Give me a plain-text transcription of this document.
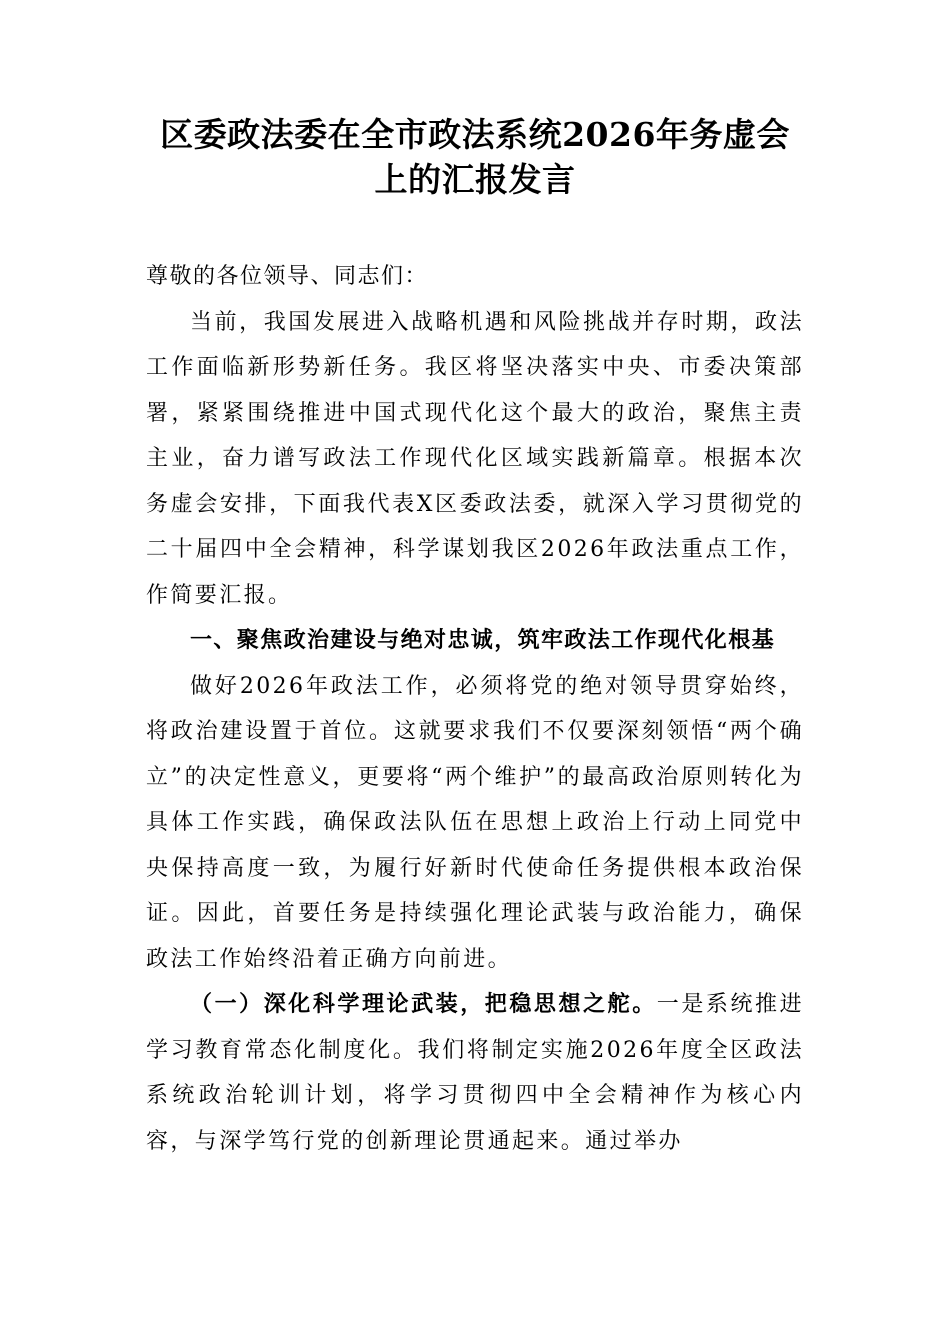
区委政法委在全市政法系统2026年务虚会
上的汇报发言

尊敬的各位领导、同志们：

当前，我国发展进入战略机遇和风险挑战并存时期，政法工作面临新形势新任务。我区将坚决落实中央、市委决策部署，紧紧围绕推进中国式现代化这个最大的政治，聚焦主责主业，奋力谱写政法工作现代化区域实践新篇章。根据本次务虚会安排，下面我代表X区委政法委，就深入学习贯彻党的二十届四中全会精神，科学谋划我区2026年政法重点工作，作简要汇报。

一、聚焦政治建设与绝对忠诚，筑牢政法工作现代化根基

做好2026年政法工作，必须将党的绝对领导贯穿始终，将政治建设置于首位。这就要求我们不仅要深刻领悟“两个确立”的决定性意义，更要将“两个维护”的最高政治原则转化为具体工作实践，确保政法队伍在思想上政治上行动上同党中央保持高度一致，为履行好新时代使命任务提供根本政治保证。因此，首要任务是持续强化理论武装与政治能力，确保政法工作始终沿着正确方向前进。

（一）深化科学理论武装，把稳思想之舵。一是系统推进学习教育常态化制度化。我们将制定实施2026年度全区政法系统政治轮训计划，将学习贯彻四中全会精神作为核心内容，与深学笃行党的创新理论贯通起来。通过举办
